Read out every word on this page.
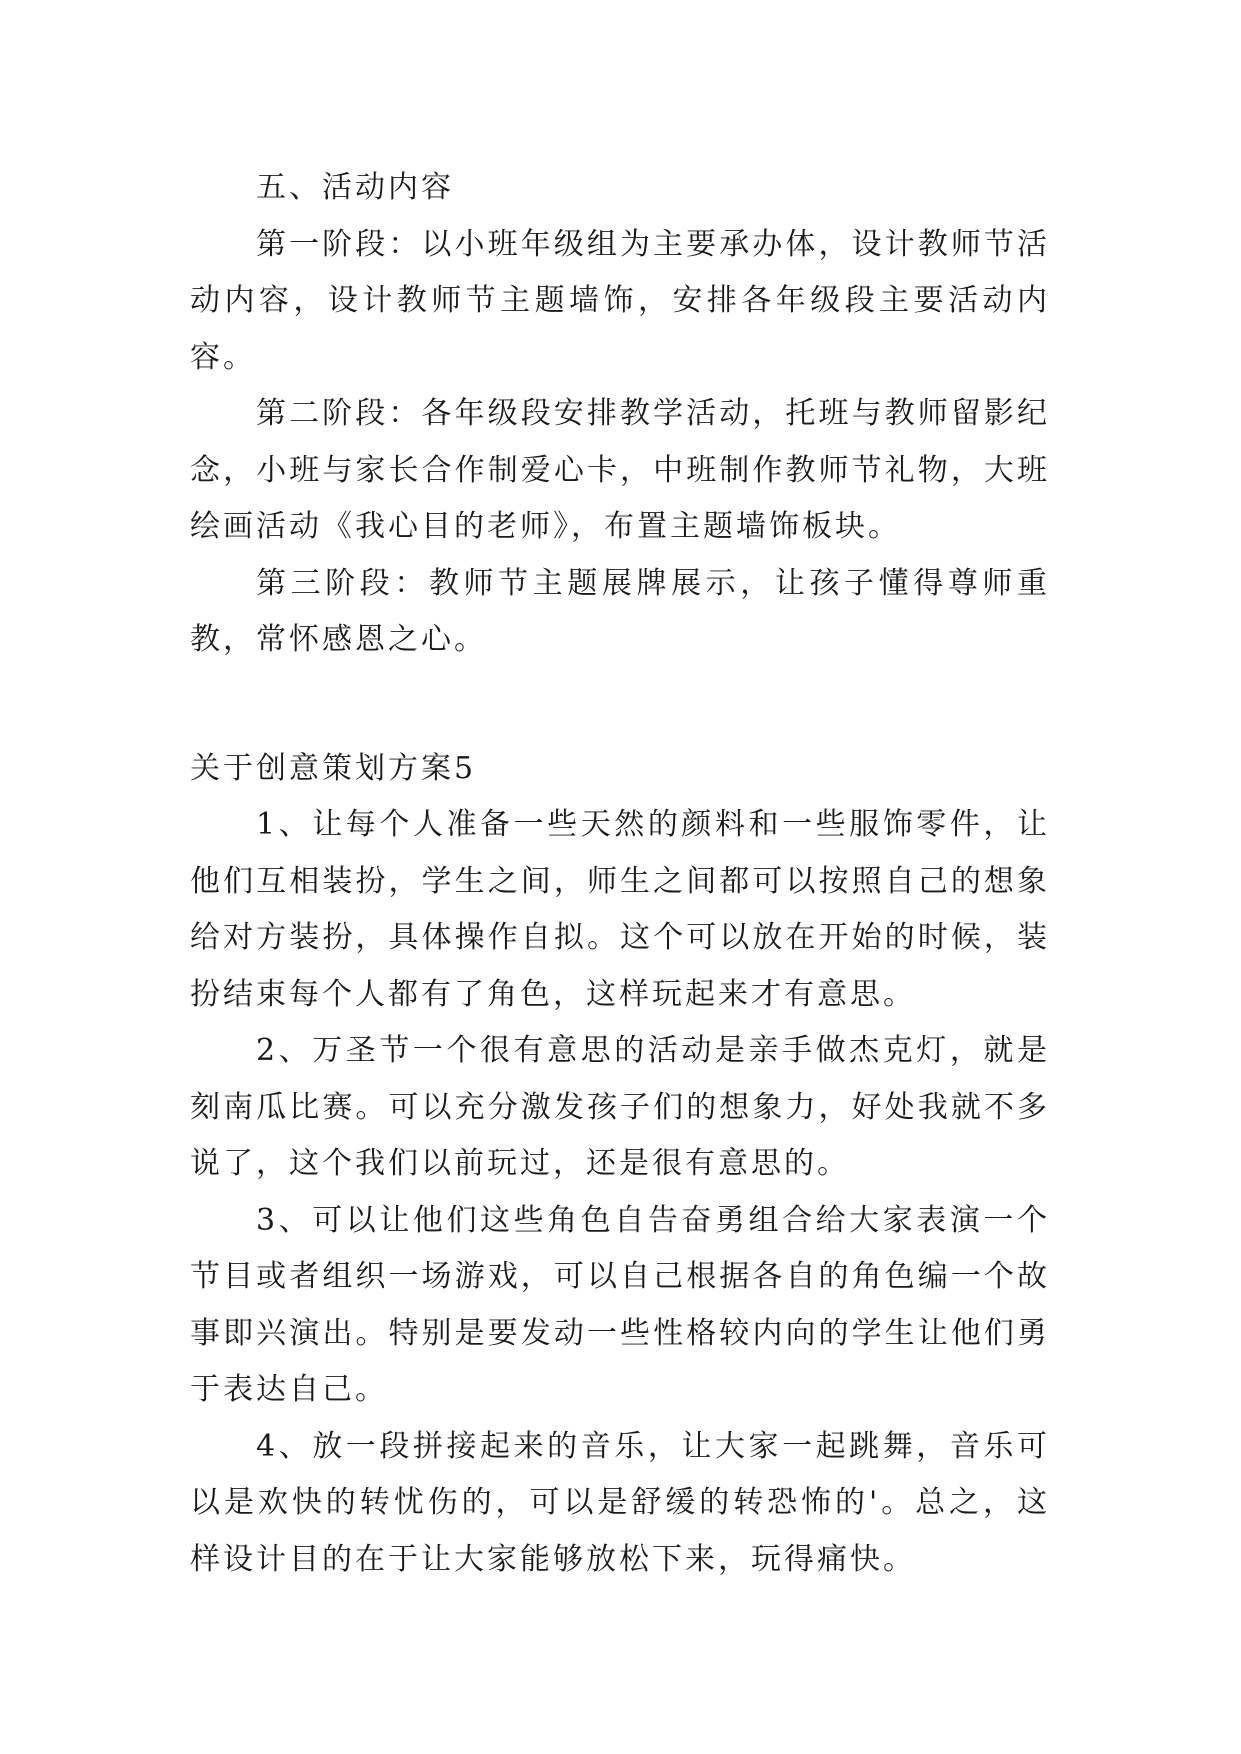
五、活动内容

第一阶段：以小班年级组为主要承办体，设计教师节活动内容，设计教师节主题墙饰，安排各年级段主要活动内容。

第二阶段：各年级段安排教学活动，托班与教师留影纪念，小班与家长合作制爱心卡，中班制作教师节礼物，大班绘画活动《我心目的老师》，布置主题墙饰板块。

第三阶段：教师节主题展牌展示，让孩子懂得尊师重教，常怀感恩之心。

关于创意策划方案5

1、让每个人准备一些天然的颜料和一些服饰零件，让他们互相装扮，学生之间，师生之间都可以按照自己的想象给对方装扮，具体操作自拟。这个可以放在开始的时候，装扮结束每个人都有了角色，这样玩起来才有意思。

2、万圣节一个很有意思的活动是亲手做杰克灯，就是刻南瓜比赛。可以充分激发孩子们的想象力，好处我就不多说了，这个我们以前玩过，还是很有意思的。

3、可以让他们这些角色自告奋勇组合给大家表演一个节目或者组织一场游戏，可以自己根据各自的角色编一个故事即兴演出。特别是要发动一些性格较内向的学生让他们勇于表达自己。

4、放一段拼接起来的音乐，让大家一起跳舞，音乐可以是欢快的转忧伤的，可以是舒缓的转恐怖的'。总之，这样设计目的在于让大家能够放松下来，玩得痛快。
